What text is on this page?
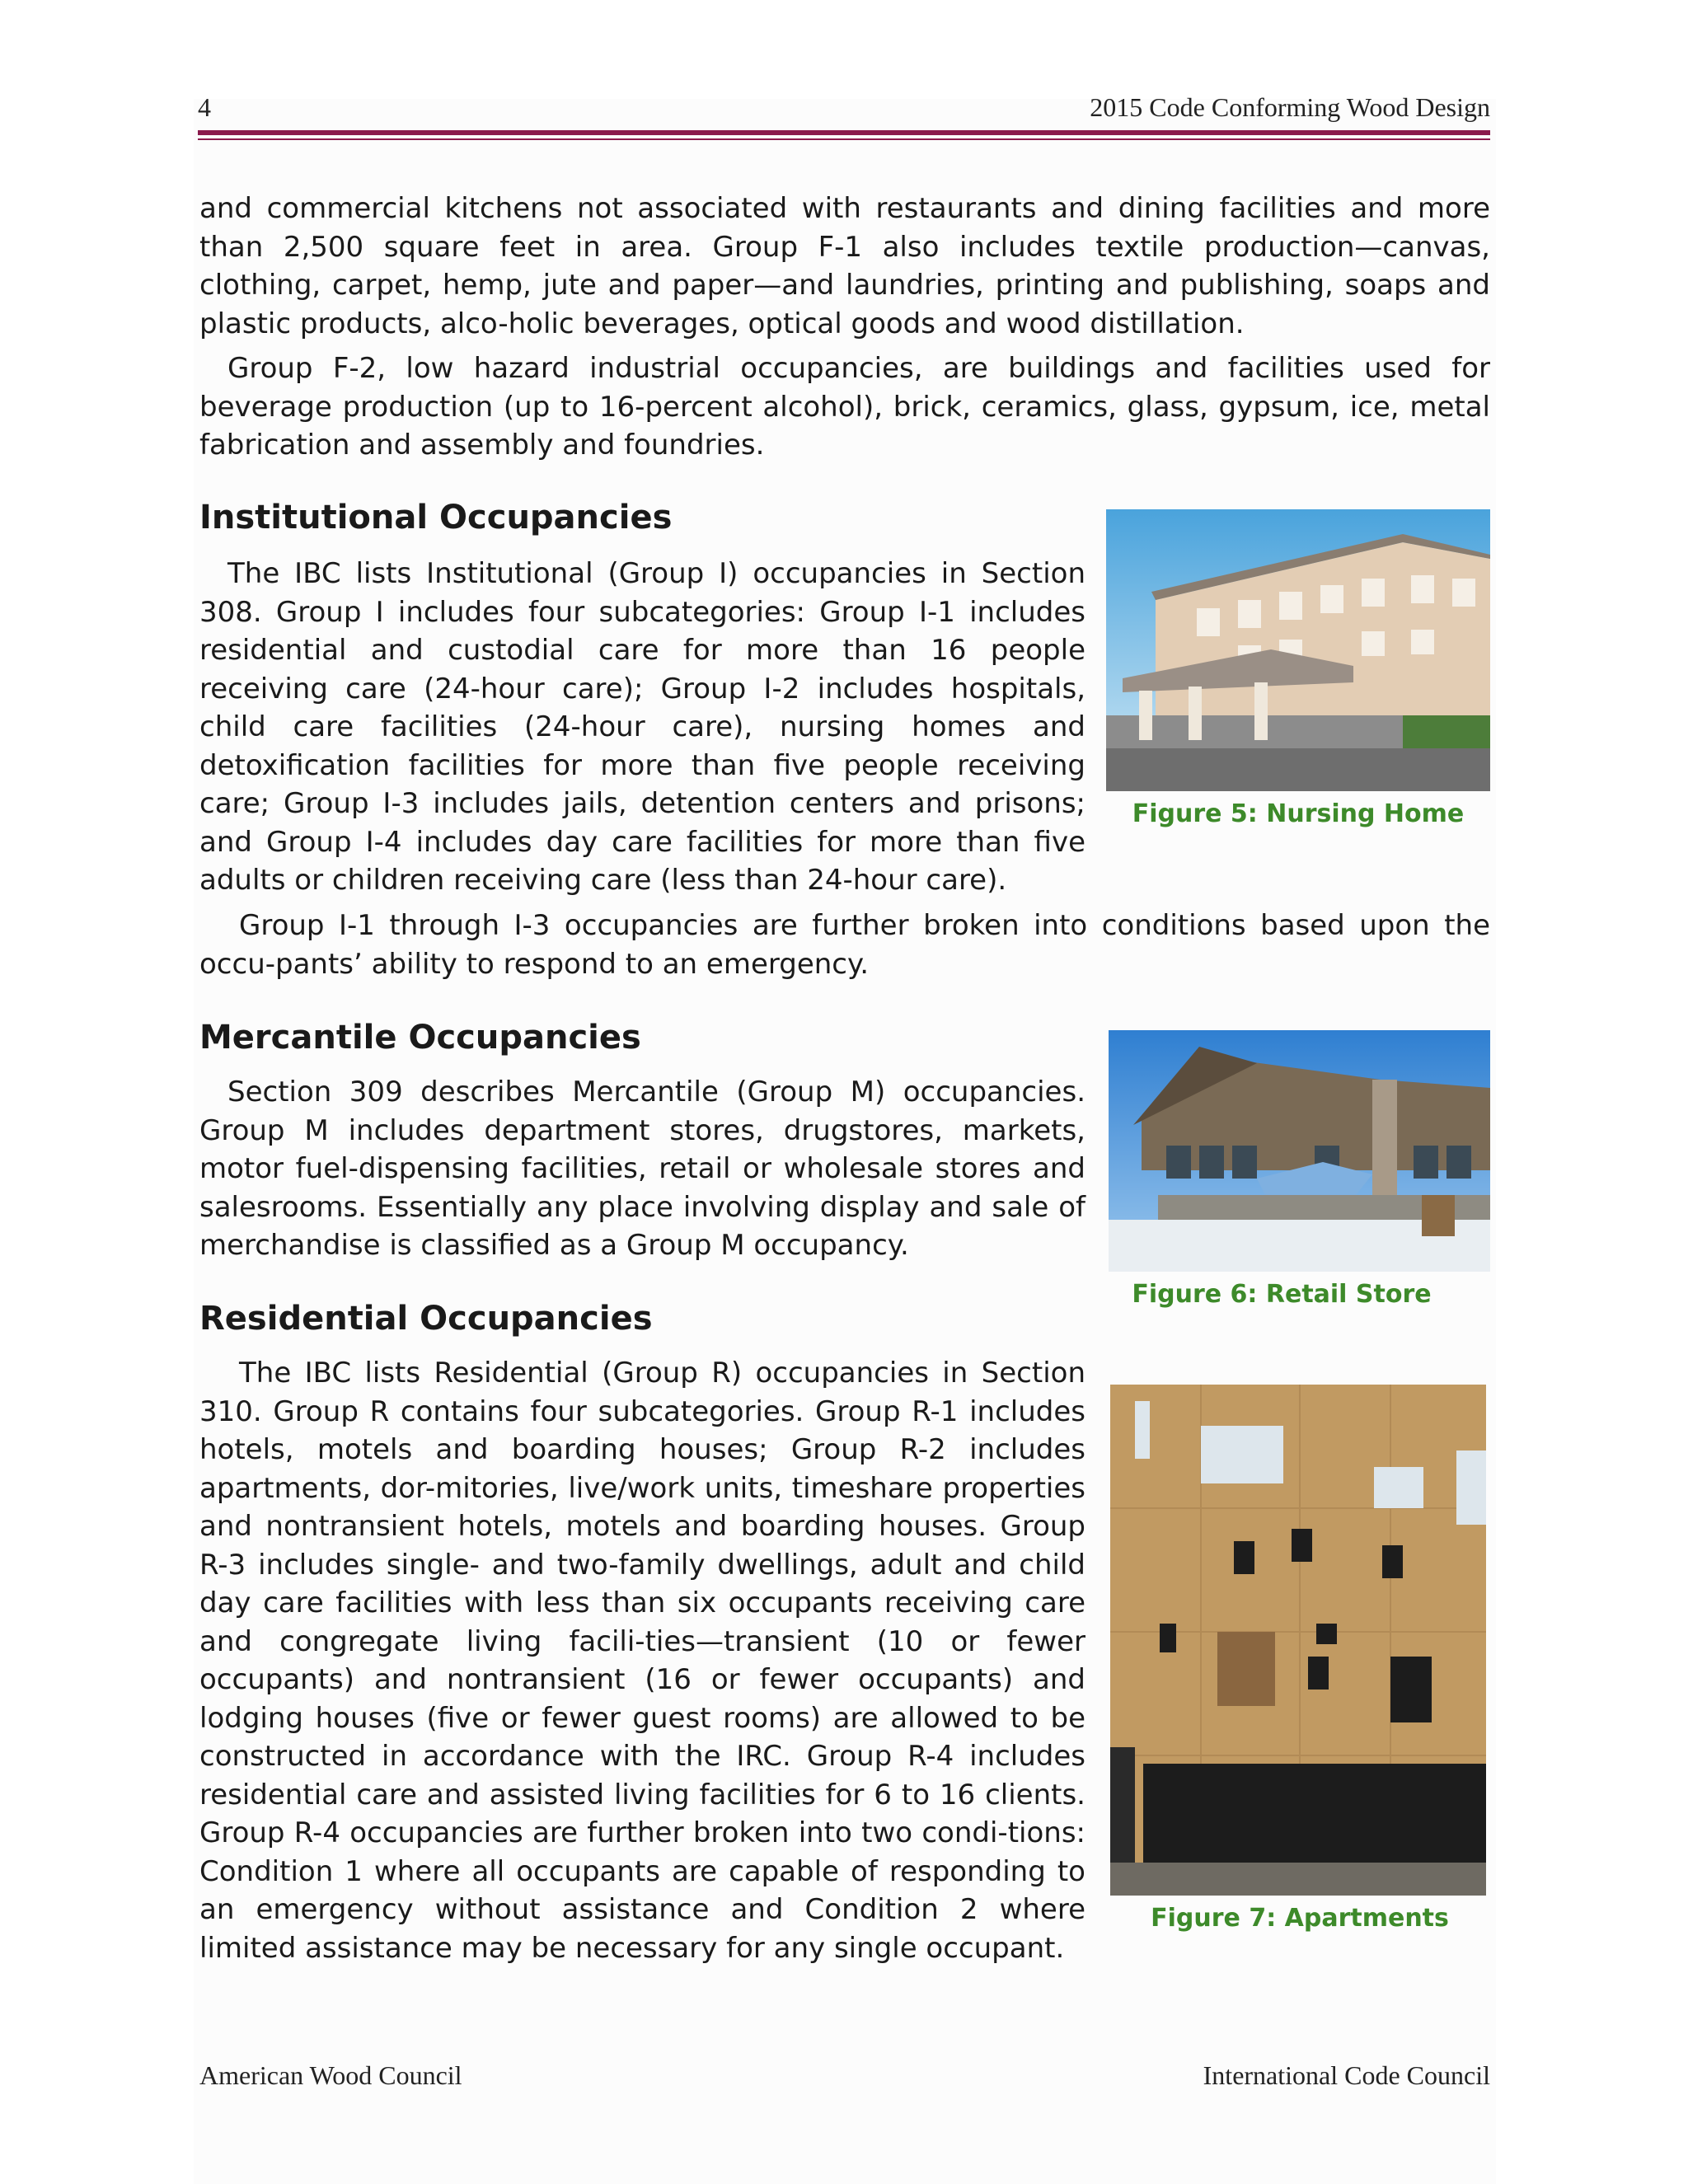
4	2015 Code Conforming Wood Design

and commercial kitchens not associated with restaurants and dining facilities and more than 2,500 square feet in area. Group F-1 also includes textile production—canvas, clothing, carpet, hemp, jute and paper—and laundries, printing and publishing, soaps and plastic products, alco-holic beverages, optical goods and wood distillation.

Group F-2, low hazard industrial occupancies, are buildings and facilities used for beverage production (up to 16-percent alcohol), brick, ceramics, glass, gypsum, ice, metal fabrication and assembly and foundries.

Institutional Occupancies

The IBC lists Institutional (Group I) occupancies in Section 308. Group I includes four subcategories: Group I-1 includes residential and custodial care for more than 16 people receiving care (24-hour care); Group I-2 includes hospitals, child care facilities (24-hour care), nursing homes and detoxification facilities for more than five people receiving care; Group I-3 includes jails, detention centers and prisons; and Group I-4 includes day care facilities for more than five adults or children receiving care (less than 24-hour care).

Group I-1 through I-3 occupancies are further broken into conditions based upon the occu-pants’ ability to respond to an emergency.

Figure 5: Nursing Home

Mercantile Occupancies

Section 309 describes Mercantile (Group M) occupancies. Group M includes department stores, drugstores, markets, motor fuel-dispensing facilities, retail or wholesale stores and salesrooms. Essentially any place involving display and sale of merchandise is classified as a Group M occupancy.

Figure 6: Retail Store

Residential Occupancies

The IBC lists Residential (Group R) occupancies in Section 310. Group R contains four subcategories. Group R-1 includes hotels, motels and boarding houses; Group R-2 includes apartments, dor-mitories, live/work units, timeshare properties and nontransient hotels, motels and boarding houses. Group R-3 includes single- and two-family dwellings, adult and child day care facilities with less than six occupants receiving care and congregate living facili-ties—transient (10 or fewer occupants) and nontransient (16 or fewer occupants) and lodging houses (five or fewer guest rooms) are allowed to be constructed in accordance with the IRC. Group R-4 includes residential care and assisted living facilities for 6 to 16 clients. Group R-4 occupancies are further broken into two condi-tions: Condition 1 where all occupants are capable of responding to an emergency without assistance and Condition 2 where limited assistance may be necessary for any single occupant.

Figure 7: Apartments

American Wood Council	International Code Council
